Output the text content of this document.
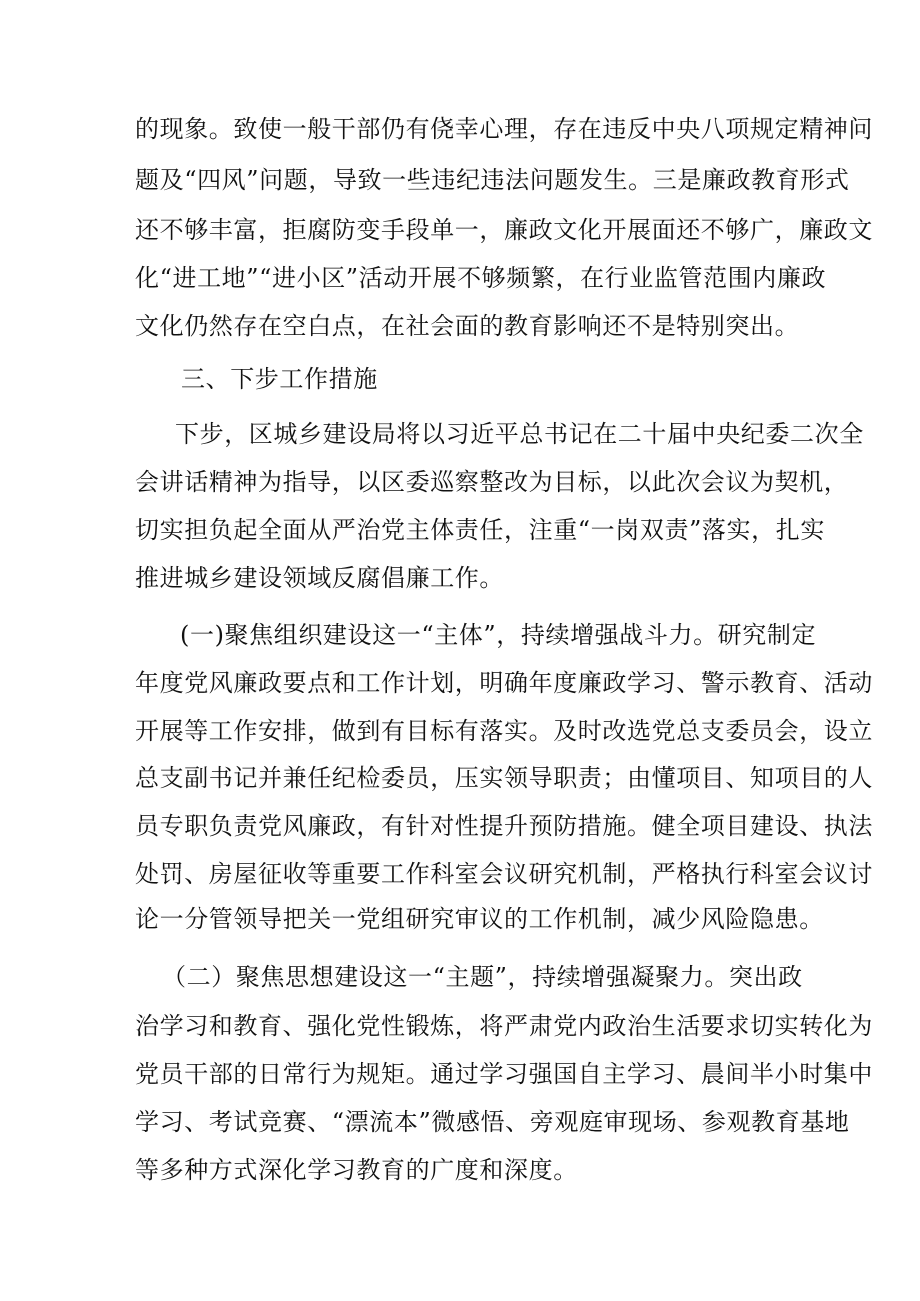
的现象。致使一般干部仍有侥幸心理，存在违反中央八项规定精神问
题及“四风”问题，导致一些违纪违法问题发生。三是廉政教育形式
还不够丰富，拒腐防变手段单一，廉政文化开展面还不够广，廉政文
化“进工地”“进小区”活动开展不够频繁，在行业监管范围内廉政
文化仍然存在空白点，在社会面的教育影响还不是特别突出。
三、下步工作措施
下步，区城乡建设局将以习近平总书记在二十届中央纪委二次全
会讲话精神为指导，以区委巡察整改为目标，以此次会议为契机，
切实担负起全面从严治党主体责任，注重“一岗双责”落实，扎实
推进城乡建设领域反腐倡廉工作。
(一)聚焦组织建设这一“主体”，持续增强战斗力。研究制定
年度党风廉政要点和工作计划，明确年度廉政学习、警示教育、活动
开展等工作安排，做到有目标有落实。及时改选党总支委员会，设立
总支副书记并兼任纪检委员，压实领导职责；由懂项目、知项目的人
员专职负责党风廉政，有针对性提升预防措施。健全项目建设、执法
处罚、房屋征收等重要工作科室会议研究机制，严格执行科室会议讨
论一分管领导把关一党组研究审议的工作机制，减少风险隐患。
（二）聚焦思想建设这一“主题”，持续增强凝聚力。突出政
治学习和教育、强化党性锻炼，将严肃党内政治生活要求切实转化为
党员干部的日常行为规矩。通过学习强国自主学习、晨间半小时集中
学习、考试竞赛、“漂流本”微感悟、旁观庭审现场、参观教育基地
等多种方式深化学习教育的广度和深度。
